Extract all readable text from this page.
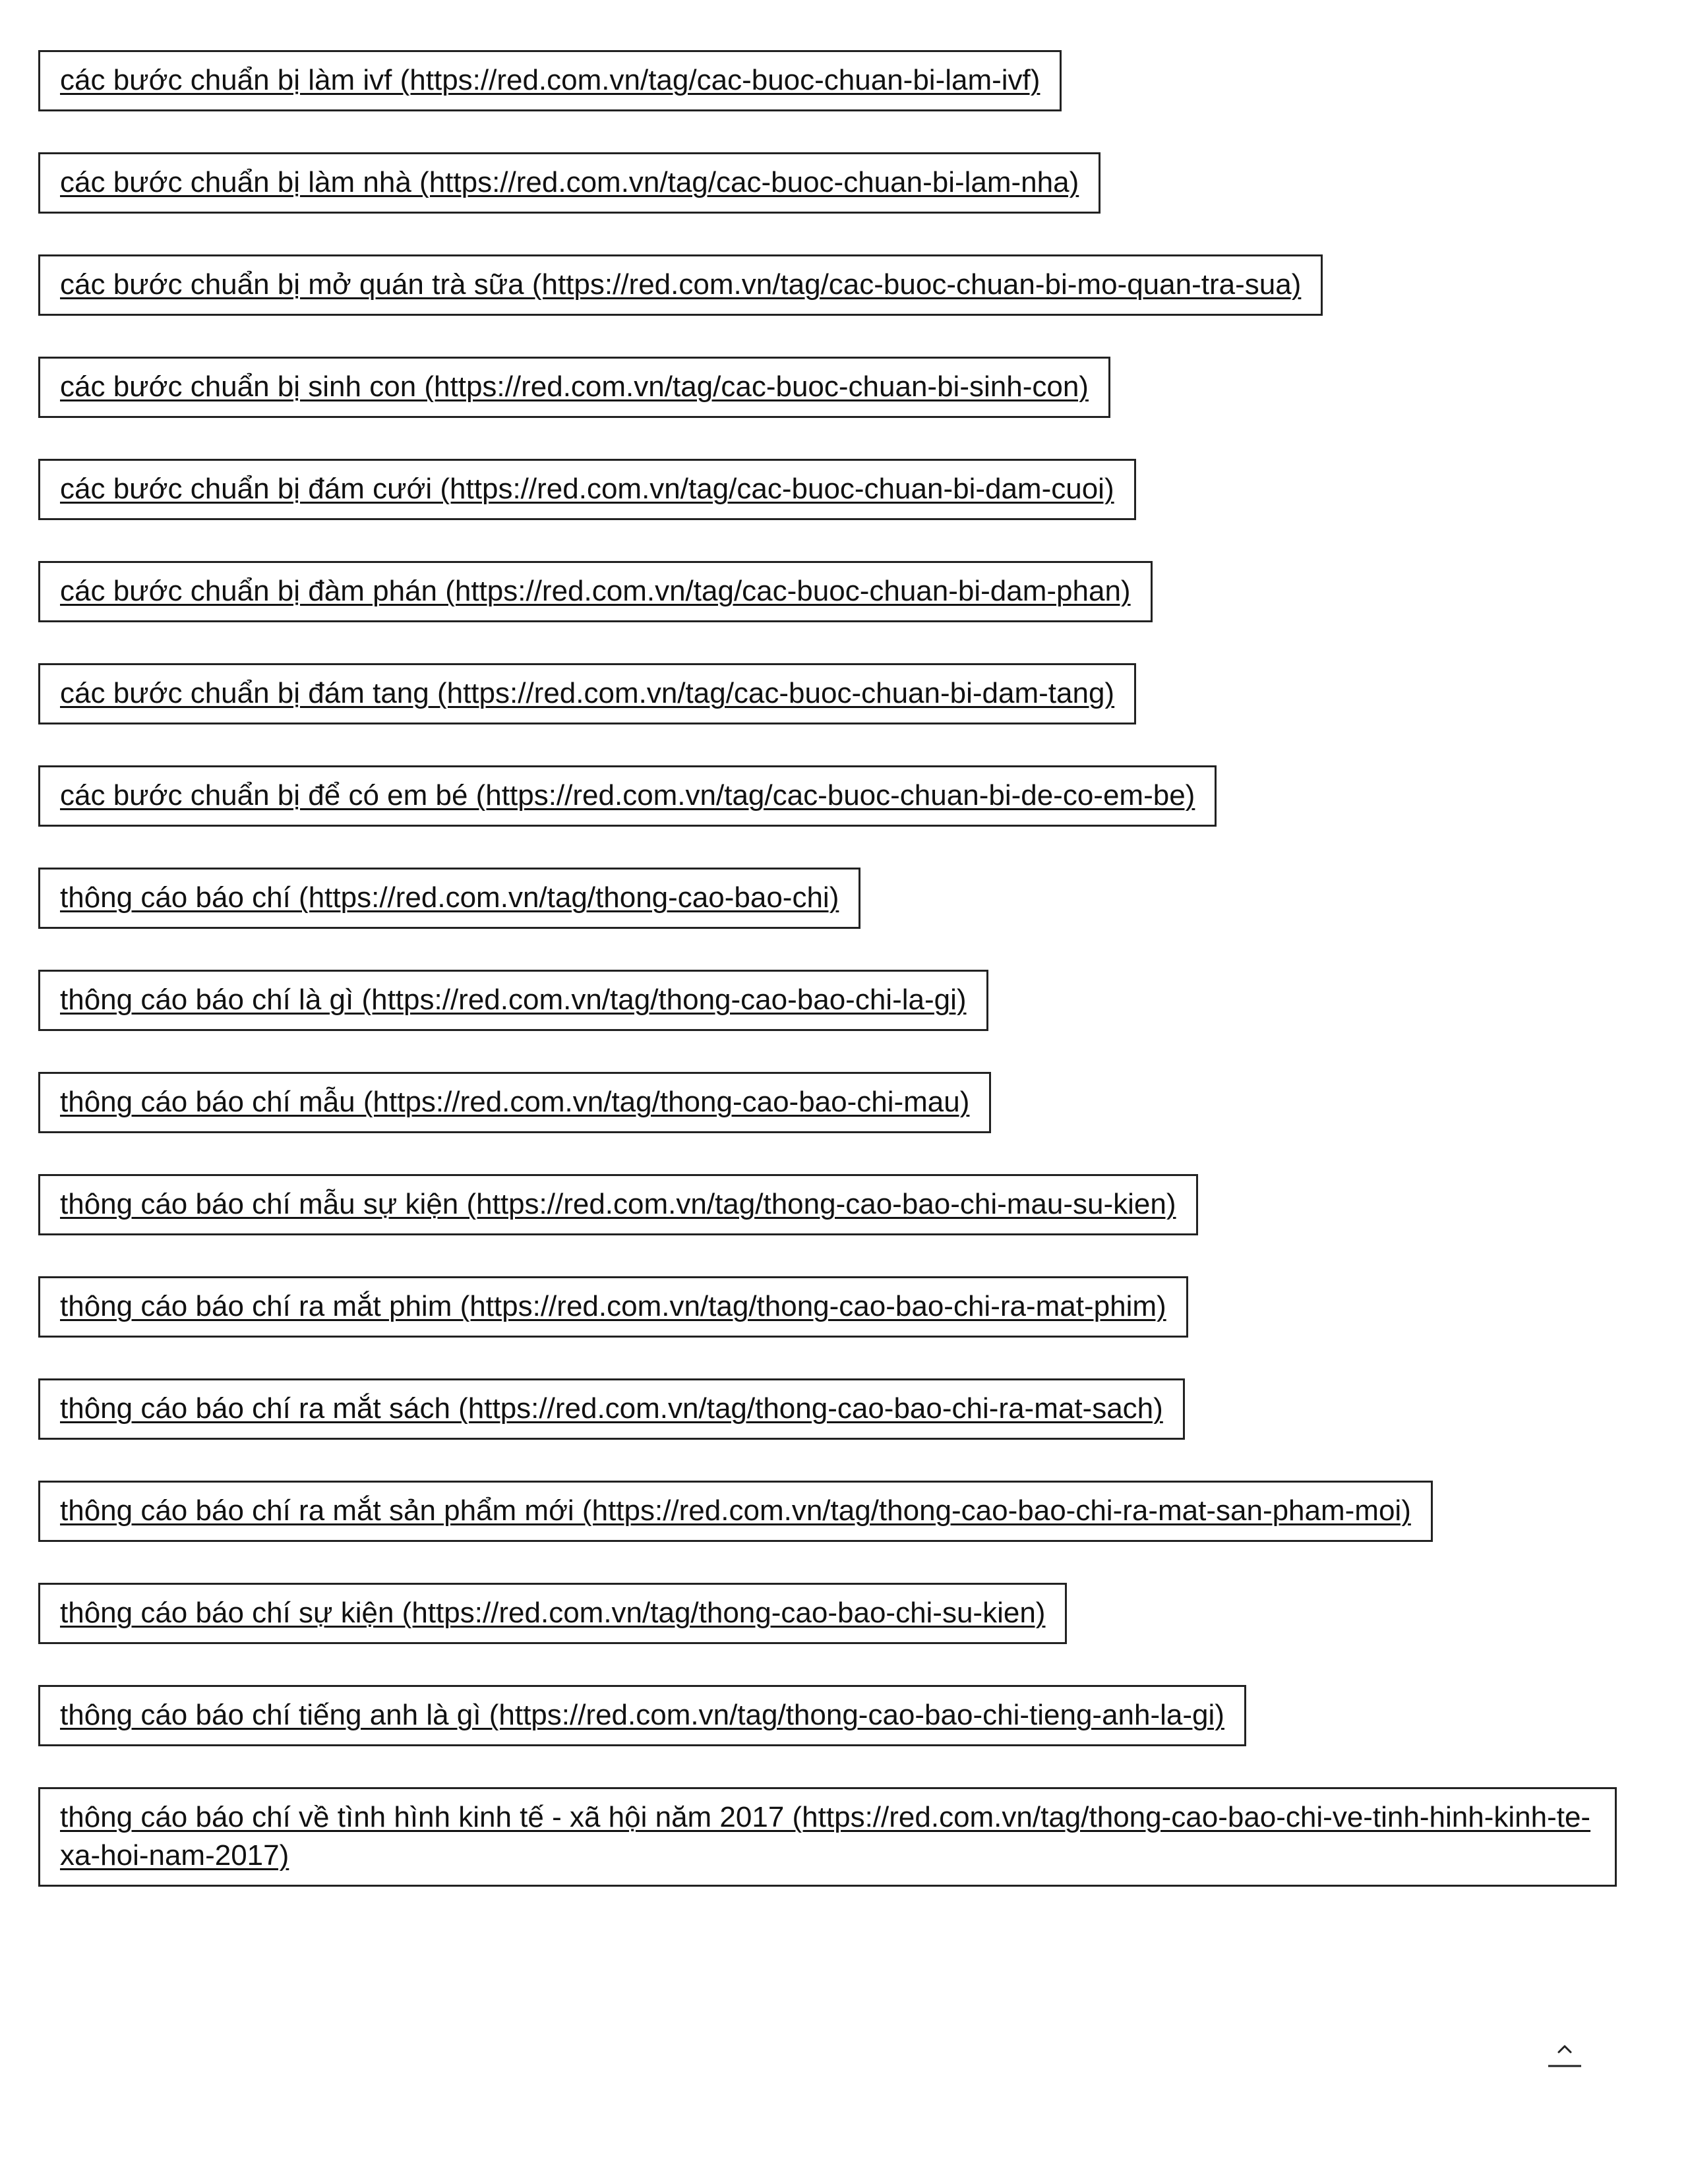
các bước chuẩn bị làm ivf (https://red.com.vn/tag/cac-buoc-chuan-bi-lam-ivf)
các bước chuẩn bị làm nhà (https://red.com.vn/tag/cac-buoc-chuan-bi-lam-nha)
các bước chuẩn bị mở quán trà sữa (https://red.com.vn/tag/cac-buoc-chuan-bi-mo-quan-tra-sua)
các bước chuẩn bị sinh con (https://red.com.vn/tag/cac-buoc-chuan-bi-sinh-con)
các bước chuẩn bị đám cưới (https://red.com.vn/tag/cac-buoc-chuan-bi-dam-cuoi)
các bước chuẩn bị đàm phán (https://red.com.vn/tag/cac-buoc-chuan-bi-dam-phan)
các bước chuẩn bị đám tang (https://red.com.vn/tag/cac-buoc-chuan-bi-dam-tang)
các bước chuẩn bị để có em bé (https://red.com.vn/tag/cac-buoc-chuan-bi-de-co-em-be)
thông cáo báo chí (https://red.com.vn/tag/thong-cao-bao-chi)
thông cáo báo chí là gì (https://red.com.vn/tag/thong-cao-bao-chi-la-gi)
thông cáo báo chí mẫu (https://red.com.vn/tag/thong-cao-bao-chi-mau)
thông cáo báo chí mẫu sự kiện (https://red.com.vn/tag/thong-cao-bao-chi-mau-su-kien)
thông cáo báo chí ra mắt phim (https://red.com.vn/tag/thong-cao-bao-chi-ra-mat-phim)
thông cáo báo chí ra mắt sách (https://red.com.vn/tag/thong-cao-bao-chi-ra-mat-sach)
thông cáo báo chí ra mắt sản phẩm mới (https://red.com.vn/tag/thong-cao-bao-chi-ra-mat-san-pham-moi)
thông cáo báo chí sự kiện (https://red.com.vn/tag/thong-cao-bao-chi-su-kien)
thông cáo báo chí tiếng anh là gì (https://red.com.vn/tag/thong-cao-bao-chi-tieng-anh-la-gi)
thông cáo báo chí về tình hình kinh tế - xã hội năm 2017 (https://red.com.vn/tag/thong-cao-bao-chi-ve-tinh-hinh-kinh-te-xa-hoi-nam-2017)
